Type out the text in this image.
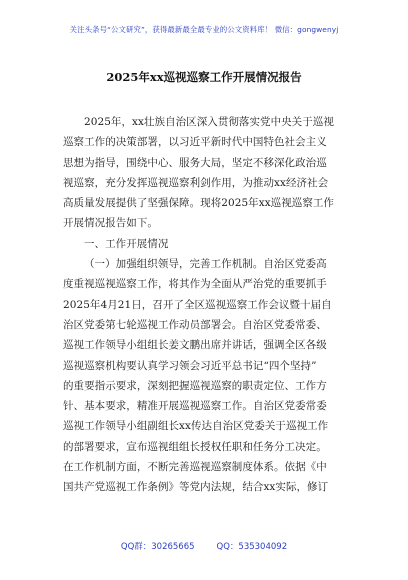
关注头条号“公文研究”，获得最新最全最专业的公文资料库！ 微信：gongwenyj
2025年xx巡视巡察工作开展情况报告
2025年，xx壮族自治区深入贯彻落实党中央关于巡视
巡察工作的决策部署，以习近平新时代中国特色社会主义
思想为指导，围绕中心、服务大局，坚定不移深化政治巡
视巡察，充分发挥巡视巡察利剑作用，为推动xx经济社会
高质量发展提供了坚强保障。现将2025年xx巡视巡察工作
开展情况报告如下。
一、工作开展情况
（一）加强组织领导，完善工作机制。自治区党委高
度重视巡视巡察工作，将其作为全面从严治党的重要抓手
2025年4月21日，召开了全区巡视巡察工作会议暨十届自
治区党委第七轮巡视工作动员部署会。自治区党委常委、
巡视工作领导小组组长姜文鹏出席并讲话，强调全区各级
巡视巡察机构要认真学习领会习近平总书记“四个坚持”
的重要指示要求，深刻把握巡视巡察的职责定位、工作方
针、基本要求，精准开展巡视巡察工作。自治区党委常委
巡视工作领导小组副组长xx传达自治区党委关于巡视工作
的部署要求，宣布巡视组组长授权任职和任务分工决定。
在工作机制方面，不断完善巡视巡察制度体系。依据《中
国共产党巡视工作条例》等党内法规，结合xx实际，修订
QQ群：30265665	QQ：535304092
